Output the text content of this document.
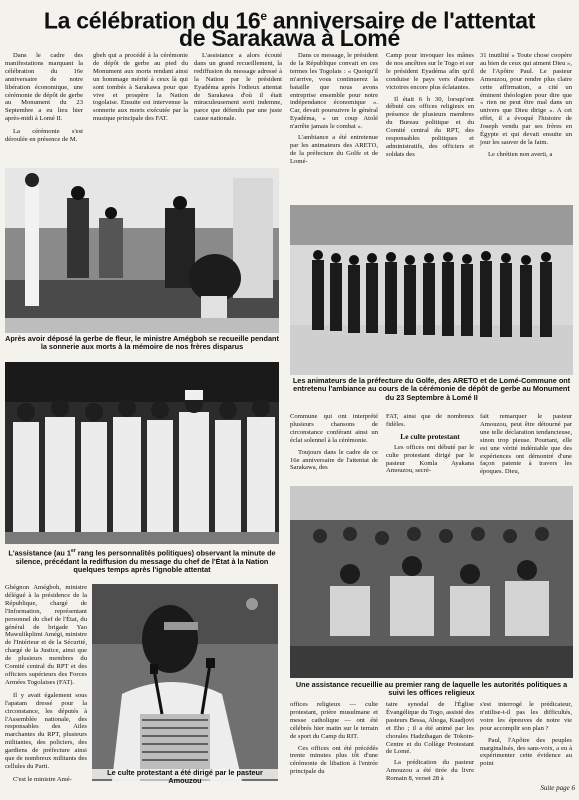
La célébration du 16e anniversaire de l'attentat
de Sarakawa à Lomé

Dans le cadre des manifestations marquant la célébration du 16e anniversaire de notre libération économique, une cérémonie de dépôt de gerbe au Monument du 23 Septembre a eu lieu hier après-midi à Lomé II.

La cérémonie s'est déroulée en présence de M.

gbeh qui a procédé à la cérémonie de dépôt de gerbe au pied du Monument aux morts rendant ainsi un hommage mérité à ceux là qui sont tombés à Sarakawa pour que vive et prospère la Nation togolaise. Ensuite est intervenue la sonnerie aux morts exécutée par la musique principale des FAT.

L'assistance a alors écouté dans un grand recueillement, la rediffusion du message adressé à la Nation par le président Eyadéma après l'odieux attentat de Sarakawa d'où il était miraculeusement sorti indemne, parce que défendu par une juste cause nationale.

Dans ce message, le président de la République convait en ces termes les Togolais : « Quoiqu'il m'arrive, vous continuerez la bataille que nous avons entreprise ensemble pour notre indépendance économique ». Car, devait poursuivre le général Eyadéma, « un coup Atolé n'arrête jamais le combat ».

L'ambiance a été entretenue par les animateurs des ARETO, de la préfecture du Golfe et de Lomé-

Camp pour invoquer les mânes de nos ancêtres sur le Togo et sur le président Eyadéma afin qu'il conduise le pays vers d'autres victoires encore plus éclatantes.

Il était 6 h 30, lorsqu'ont débuté ces offices religieux en présence de plusieurs membres du Bureau politique et du Comité central du RPT, des responsables politiques et administratifs, des officiers et soldats des

31 inutilité » Toute chose coopère au bien de ceux qui aiment Dieu », de l'Apôtre Paul. Le pasteur Amouzou, pour rendre plus claire cette affirmation, a cité un éminent théologien pour dire que « rien ne peut être mal dans un univers que Dieu dirige ». A cet effet, il a évoqué l'histoire de Joseph vendu par ses frères en Égypte et qui devait ensuite un jour les sauver de la faim.

Le chrétien non averti, a

Après avoir déposé la gerbe de fleur, le ministre Amégboh se recueille pendant la sonnerie aux morts à la mémoire de nos frères disparus
Les animateurs de la préfecture du Golfe, des ARETO et de Lomé-Commune ont entretenu l'ambiance au cours de la cérémonie de dépôt de gerbe au Monument du 23 Septembre à Lomé II
L'assistance (au 1er rang les personnalités politiques) observant la minute de silence, précédant la rediffusion du message du chef de l'État à la Nation quelques temps après l'ignoble attentat

Commune qui ont interprété plusieurs chansons de circonstance conférant ainsi un éclat solennel à la cérémonie.

Toujours dans le cadre de ce 16e anniversaire de l'attentat de Sarakawa, des

FAT, ainsi que de nombreux fidèles.

Le culte protestant

Les offices ont débuté par le culte protestant dirigé par le pasteur Komla Ayakana Amouzou, secré-

fait remarquer le pasteur Amouzou, peut être détourné par une telle déclaration tendancieuse, sinon trop pieuse. Pourtant, elle est une vérité indéniable que des expériences ont démontré d'une façon patente à travers les époques. Dieu,

Une assistance recueillie au premier rang de laquelle les autorités politiques a suivi les offices religieux

Gbégnon Amégboh, ministre délégué à la présidence de la République, chargé de l'Information, représentant personnel du chef de l'État, du général de brigade Yao Mawulikplimi Amégi, ministre de l'Intérieur et de la Sécurité, chargé de la Justice, ainsi que de plusieurs membres du Comité central du RPT et des officiers supérieurs des Forces Armées Togolaises (FAT).

Il y avait également sous l'apatam dressé pour la circonstance, les députés à l'Assemblée nationale, des responsables des Ailes marchantes du RPT, plusieurs militantes, des policiers, des gardiens de préfecture ainsi que de nombreux militants des cellules du Parti.

C'est le ministre Amé-

Le culte protestant a été dirigé par le pasteur Amouzou

offices religieux — culte protestant, prière musulmane et messe catholique — ont été célébrés hier matin sur le terrain de sport du Camp du RIT.

Ces offices ont été précédés trente minutes plus tôt d'une cérémonie de libation à l'entrée principale du

taire synodal de l'Église Évangélique du Togo, assisté des pasteurs Bessa, Ahoga, Kuadjovi et Eho ; il a été animé par les chorales Hadzihagan de Tokoin-Centre et du Collège Protestant de Lomé.

La prédication du pasteur Amouzou a été tirée du livre Romain 8, verset 28 à

s'est interrogé le prédicateur, n'utilise-t-il pas les difficultés, voire les épreuves de notre vie pour accomplir son plan ?

Paul, l'Apôtre des peuples marginalisés, des sans-voix, a eu à expérimenter cette évidence au point

Suite page 6
